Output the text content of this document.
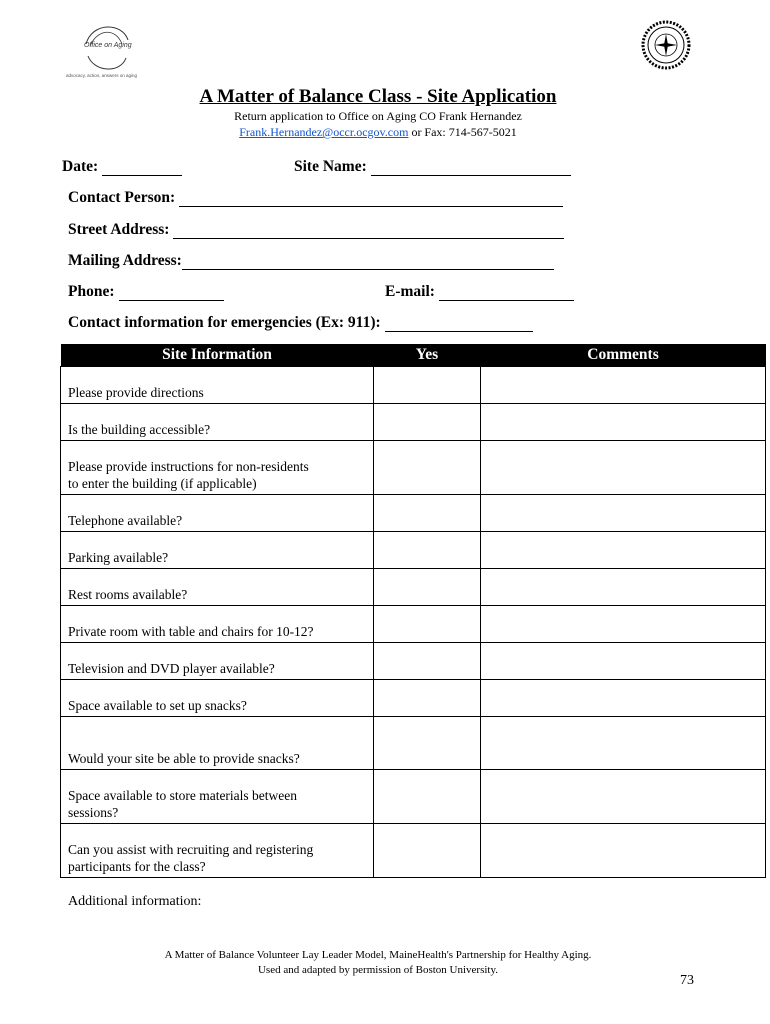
Office on Aging
advocacy, action, answers on aging
A Matter of Balance Class - Site Application
Return application to Office on Aging CO Frank Hernandez
Frank.Hernandez@occr.ocgov.com or Fax: 714-567-5021
Date:	Site Name:
Contact Person:
Street Address:
Mailing Address:
Phone:	E-mail:
Contact information for emergencies (Ex: 911):
Site Information	Yes	Comments
Please provide directions		
Is the building accessible?		
Please provide instructions for non-residents
to enter the building (if applicable)		
Telephone available?		
Parking available?		
Rest rooms available?		
Private room with table and chairs for 10-12?		
Television and DVD player available?		
Space available to set up snacks?		
Would your site be able to provide snacks?		
Space available to store materials between
sessions?		
Can you assist with recruiting and registering
participants for the class?		
Additional information:
A Matter of Balance Volunteer Lay Leader Model, MaineHealth's Partnership for Healthy Aging.
Used and adapted by permission of Boston University.
73
